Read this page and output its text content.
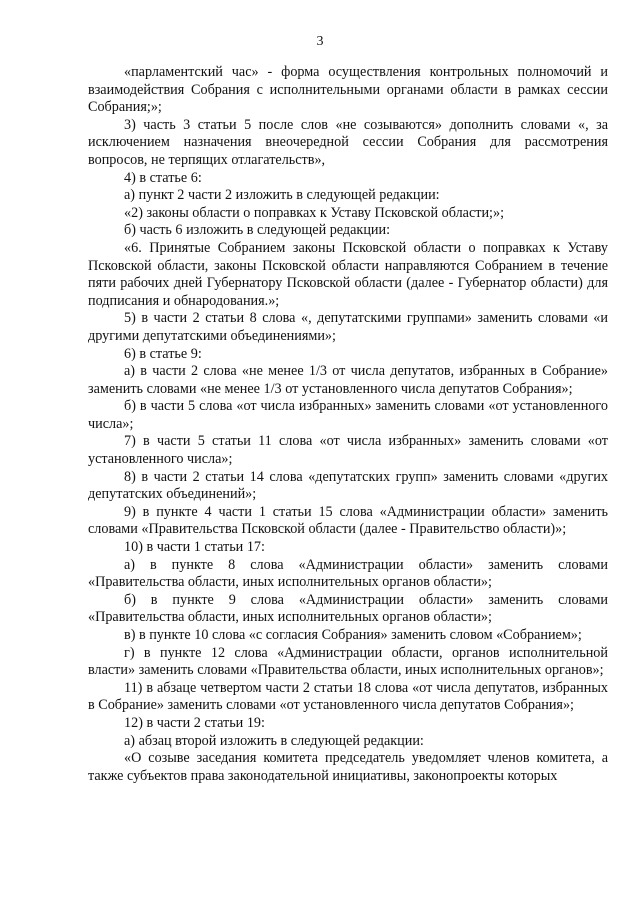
3

«парламентский час» - форма осуществления контрольных полномочий и взаимодействия Собрания с исполнительными органами области в рамках сессии Собрания;»;

3) часть 3 статьи 5 после слов «не созываются» дополнить словами «, за исключением назначения внеочередной сессии Собрания для рассмотрения вопросов, не терпящих отлагательств»,

4) в статье 6:

а) пункт 2 части 2 изложить в следующей редакции:

«2) законы области о поправках к Уставу Псковской области;»;

б) часть 6 изложить в следующей редакции:

«6. Принятые Собранием законы Псковской области о поправках к Уставу Псковской области, законы Псковской области направляются Собранием в течение пяти рабочих дней Губернатору Псковской области (далее - Губернатор области) для подписания и обнародования.»;

5) в части 2 статьи 8 слова «, депутатскими группами» заменить словами «и другими депутатскими объединениями»;

6) в статье 9:

а) в части 2 слова «не менее 1/3 от числа депутатов, избранных в Собрание» заменить словами «не менее 1/3 от установленного числа депутатов Собрания»;

б) в части 5 слова «от числа избранных» заменить словами «от установленного числа»;

7) в части 5 статьи 11 слова «от числа избранных» заменить словами «от установленного числа»;

8) в части 2 статьи 14 слова «депутатских групп» заменить словами «других депутатских объединений»;

9) в пункте 4 части 1 статьи 15 слова «Администрации области» заменить словами «Правительства Псковской области (далее - Правительство области)»;

10) в части 1 статьи 17:

а) в пункте 8 слова «Администрации области» заменить словами «Правительства области, иных исполнительных органов области»;

б) в пункте 9 слова «Администрации области» заменить словами «Правительства области, иных исполнительных органов области»;

в) в пункте 10 слова «с согласия Собрания» заменить словом «Собранием»;

г) в пункте 12 слова «Администрации области, органов исполнительной власти» заменить словами «Правительства области, иных исполнительных органов»;

11) в абзаце четвертом части 2 статьи 18 слова «от числа депутатов, избранных в Собрание» заменить словами «от установленного числа депутатов Собрания»;

12) в части 2 статьи 19:

а) абзац второй изложить в следующей редакции:

«О созыве заседания комитета председатель уведомляет членов комитета, а также субъектов права законодательной инициативы, законопроекты которых
